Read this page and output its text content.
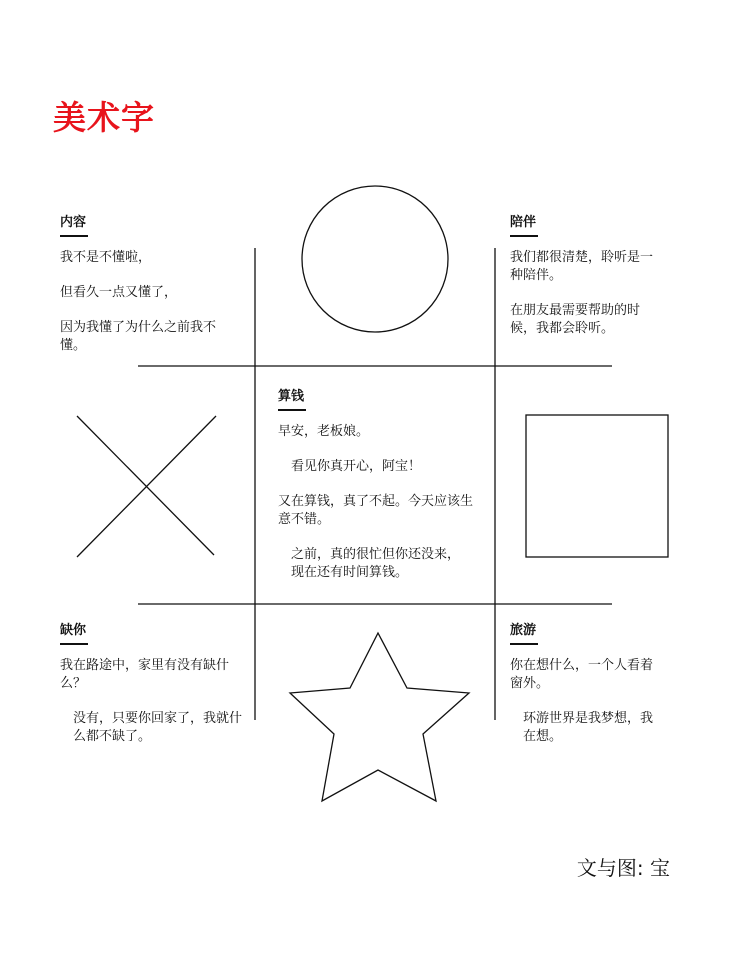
美术字
内容

我不是不懂啦，

但看久一点又懂了，

因为我懂了为什么之前我不懂。

陪伴

我们都很清楚，聆听是一种陪伴。

在朋友最需要帮助的时候，我都会聆听。

算钱

早安，老板娘。

看见你真开心，阿宝！

又在算钱，真了不起。今天应该生意不错。

之前，真的很忙但你还没来，现在还有时间算钱。

缺你

我在路途中，家里有没有缺什么？

没有，只要你回家了，我就什么都不缺了。

旅游

你在想什么，一个人看着窗外。

环游世界是我梦想，我在想。

文与图: 宝
